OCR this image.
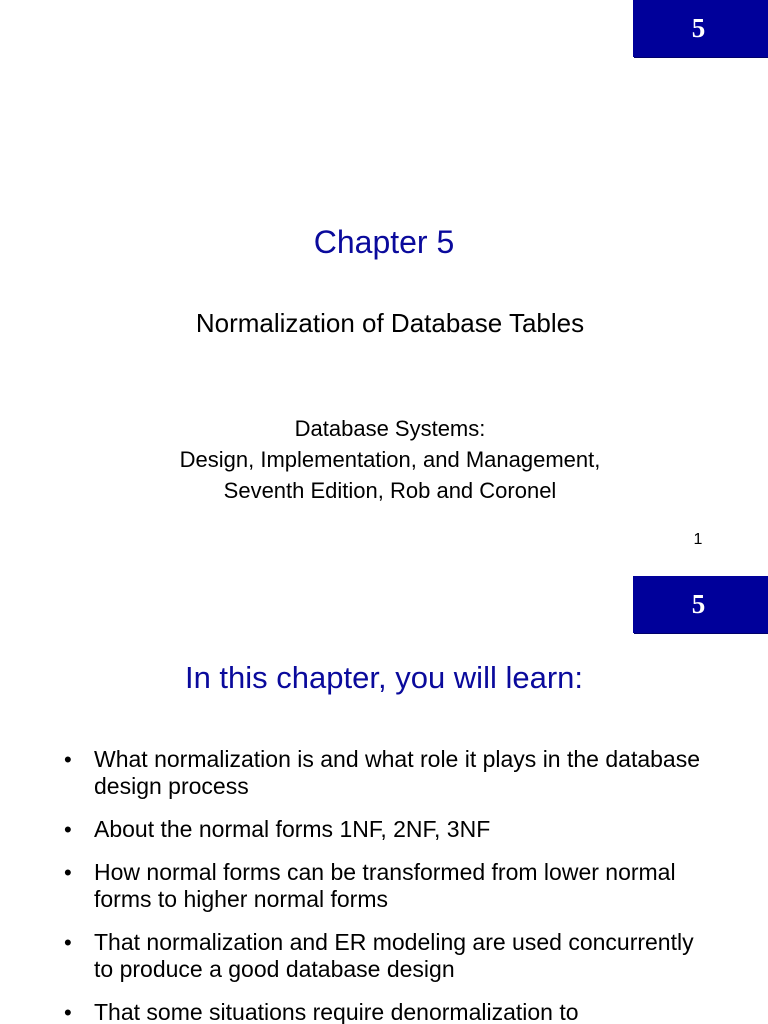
5
Chapter 5
Normalization of Database Tables
Database Systems:
Design, Implementation, and Management,
Seventh Edition, Rob and Coronel
1
5
In this chapter, you will learn:
• What normalization is and what role it plays in the database design process
• About the normal forms 1NF, 2NF, 3NF
• How normal forms can be transformed from lower normal forms to higher normal forms
• That normalization and ER modeling are used concurrently to produce a good database design
• That some situations require denormalization to
